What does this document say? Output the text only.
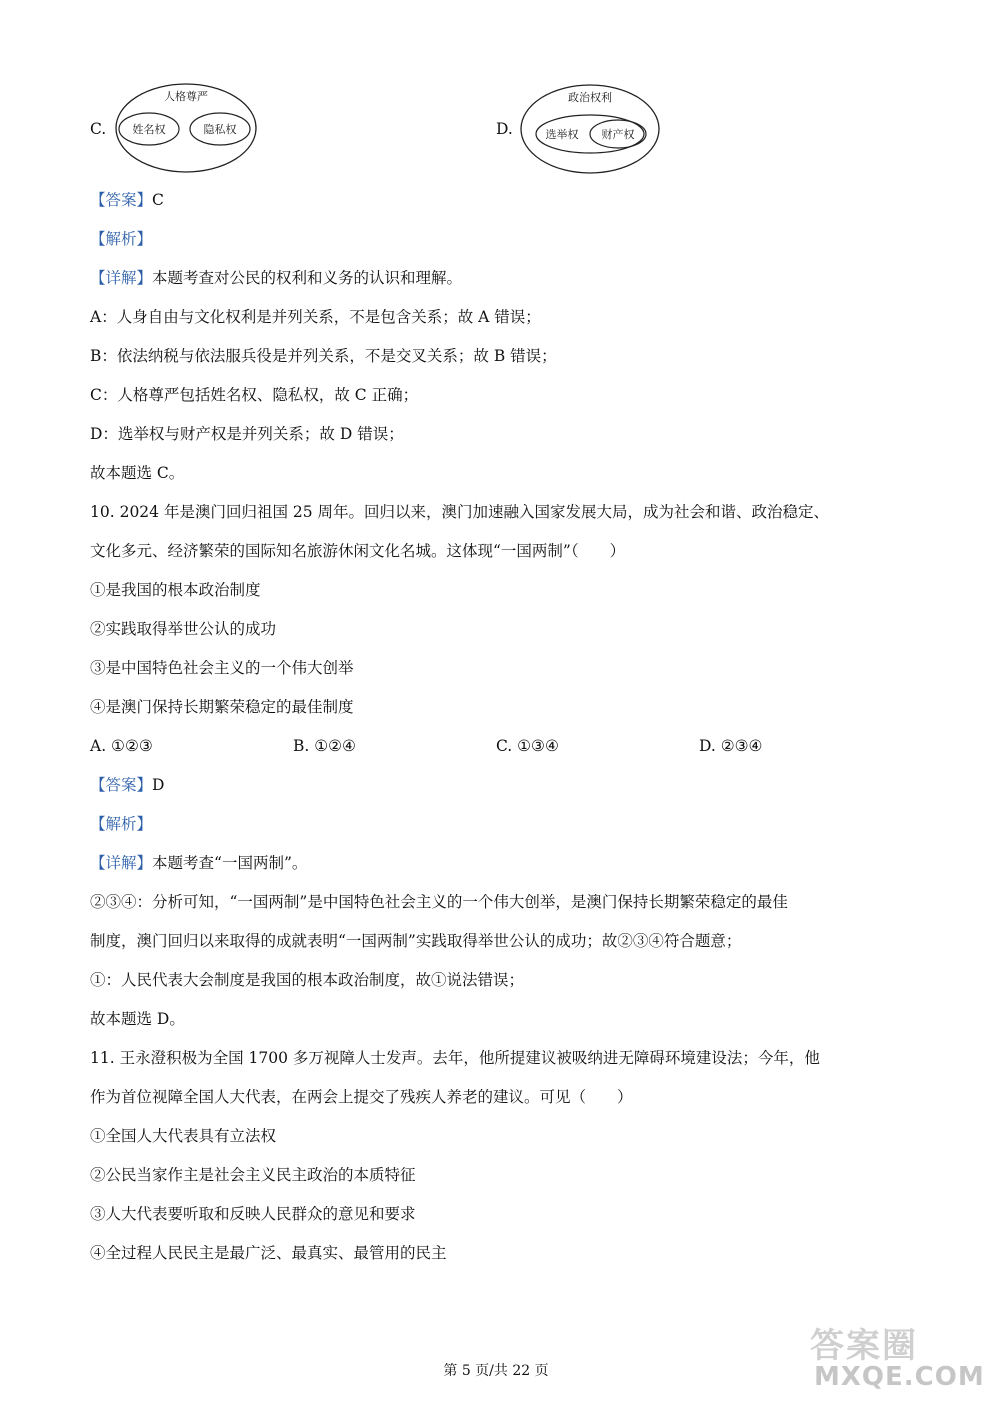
C.
人格尊严
姓名权	隐私权	D.
政治权利
选举权 财产权
【答案】C
【解析】
【详解】本题考查对公民的权利和义务的认识和理解。
A：人身自由与文化权利是并列关系，不是包含关系；故 A 错误；
B：依法纳税与依法服兵役是并列关系，不是交叉关系；故 B 错误；
C：人格尊严包括姓名权、隐私权，故 C 正确；
D：选举权与财产权是并列关系；故 D 错误；
故本题选 C。
10. 2024 年是澳门回归祖国 25 周年。回归以来，澳门加速融入国家发展大局，成为社会和谐、政治稳定、
文化多元、经济繁荣的国际知名旅游休闲文化名城。这体现“一国两制”（　　）
①是我国的根本政治制度
②实践取得举世公认的成功
③是中国特色社会主义的一个伟大创举
④是澳门保持长期繁荣稳定的最佳制度
A. ①②③	B. ①②④	C. ①③④	D. ②③④
【答案】D
【解析】
【详解】本题考查“一国两制”。
②③④：分析可知，“一国两制”是中国特色社会主义的一个伟大创举，是澳门保持长期繁荣稳定的最佳
制度，澳门回归以来取得的成就表明“一国两制”实践取得举世公认的成功；故②③④符合题意；
①：人民代表大会制度是我国的根本政治制度，故①说法错误；
故本题选 D。
11. 王永澄积极为全国 1700 多万视障人士发声。去年，他所提建议被吸纳进无障碍环境建设法；今年，他
作为首位视障全国人大代表，在两会上提交了残疾人养老的建议。可见（　　）
①全国人大代表具有立法权
②公民当家作主是社会主义民主政治的本质特征
③人大代表要听取和反映人民群众的意见和要求
④全过程人民民主是最广泛、最真实、最管用的民主
第 5 页/共 22 页
答案圈
MXQE.COM
